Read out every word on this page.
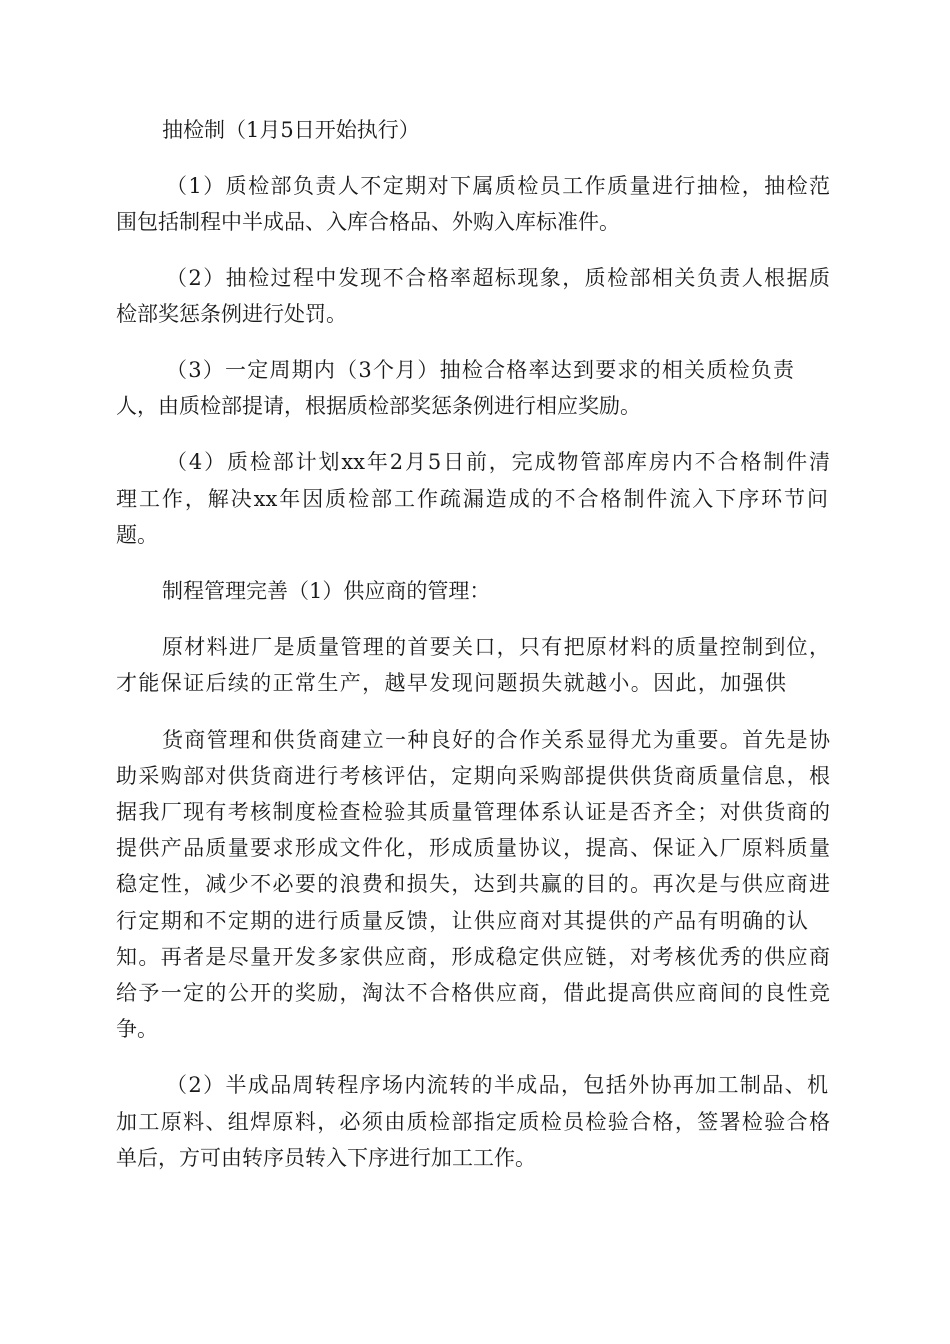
抽检制（1月5日开始执行）
（1）质检部负责人不定期对下属质检员工作质量进行抽检，抽检范
围包括制程中半成品、入库合格品、外购入库标准件。
（2）抽检过程中发现不合格率超标现象，质检部相关负责人根据质
检部奖惩条例进行处罚。
（3）一定周期内（3个月）抽检合格率达到要求的相关质检负责
人，由质检部提请，根据质检部奖惩条例进行相应奖励。
（4）质检部计划xx年2月5日前，完成物管部库房内不合格制件清
理工作，解决xx年因质检部工作疏漏造成的不合格制件流入下序环节问
题。
制程管理完善（1）供应商的管理：
原材料进厂是质量管理的首要关口，只有把原材料的质量控制到位，
才能保证后续的正常生产，越早发现问题损失就越小。因此，加强供
货商管理和供货商建立一种良好的合作关系显得尤为重要。首先是协
助采购部对供货商进行考核评估，定期向采购部提供供货商质量信息，根
据我厂现有考核制度检查检验其质量管理体系认证是否齐全；对供货商的
提供产品质量要求形成文件化，形成质量协议，提高、保证入厂原料质量
稳定性，减少不必要的浪费和损失，达到共赢的目的。再次是与供应商进
行定期和不定期的进行质量反馈，让供应商对其提供的产品有明确的认
知。再者是尽量开发多家供应商，形成稳定供应链，对考核优秀的供应商
给予一定的公开的奖励，淘汰不合格供应商，借此提高供应商间的良性竞
争。
（2）半成品周转程序场内流转的半成品，包括外协再加工制品、机
加工原料、组焊原料，必须由质检部指定质检员检验合格，签署检验合格
单后，方可由转序员转入下序进行加工工作。
